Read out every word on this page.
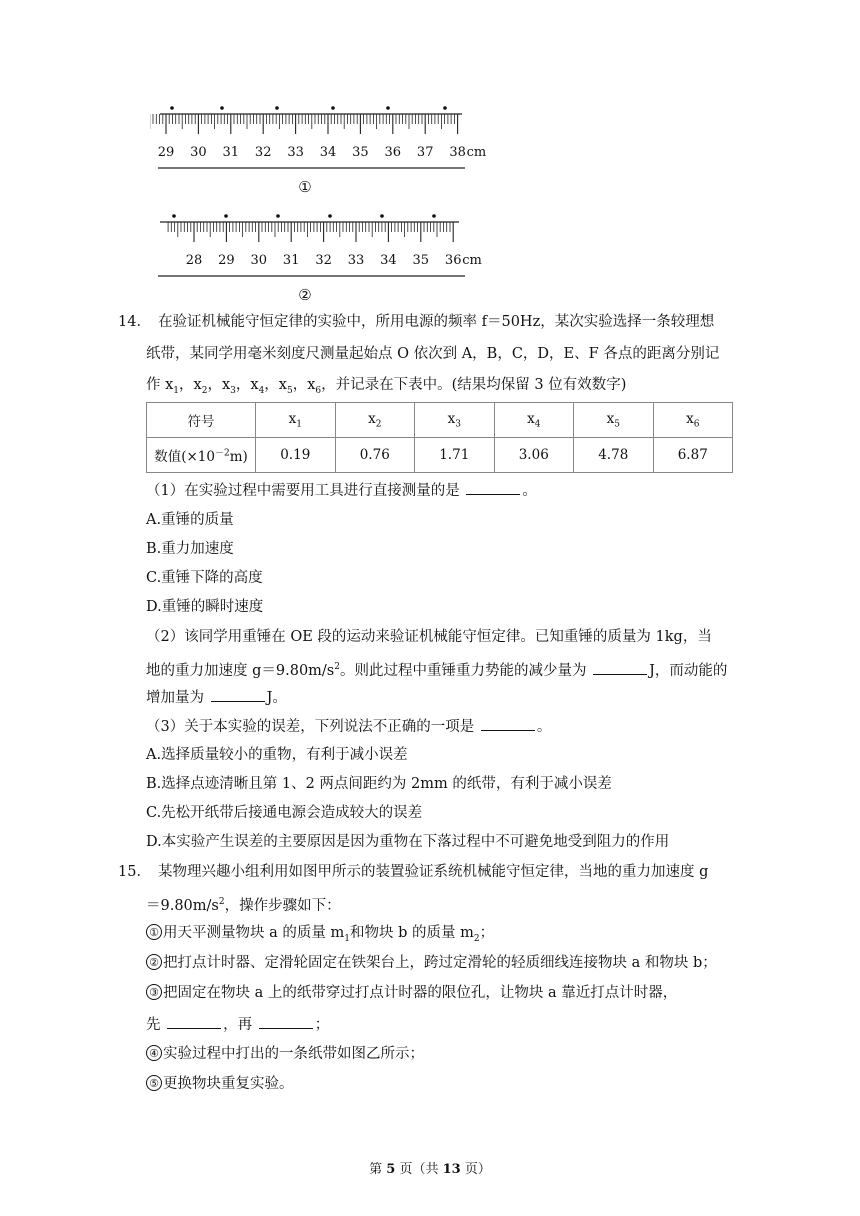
29 30 31 32 33 34 35 36 37 38 cm
①
28 29 30 31 32 33 34 35 36 cm
②
14． 在验证机械能守恒定律的实验中，所用电源的频率 f＝50Hz，某次实验选择一条较理想
纸带，某同学用毫米刻度尺测量起始点 O 依次到 A，B，C，D，E、F 各点的距离分别记
作 $x_1$，$x_2$，$x_3$，$x_4$，$x_5$，$x_6$，并记录在下表中。(结果均保留 3 位有效数字)
符号	$x_1$	$x_2$	$x_3$	$x_4$	$x_5$	$x_6$
数值$(\times 10^{-2}m)$	0.19	0.76	1.71	3.06	4.78	6.87
（1）在实验过程中需要用工具进行直接测量的是	。
A.重锤的质量
B.重力加速度
C.重锤下降的高度
D.重锤的瞬时速度
（2）该同学用重锤在 OE 段的运动来验证机械能守恒定律。已知重锤的质量为 1kg，当
地的重力加速度 $g=9.80m/s^2$。则此过程中重锤重力势能的减少量为	J，而动能的
增加量为	J。
（3）关于本实验的误差，下列说法不正确的一项是	。
A.选择质量较小的重物，有利于减小误差
B.选择点迹清晰且第 1、2 两点间距约为 2mm 的纸带，有利于减小误差
C.先松开纸带后接通电源会造成较大的误差
D.本实验产生误差的主要原因是因为重物在下落过程中不可避免地受到阻力的作用
15． 某物理兴趣小组利用如图甲所示的装置验证系统机械能守恒定律，当地的重力加速度 g
$=9.80m/s^2$，操作步骤如下：
① 用天平测量物块 a 的质量 $m_1$和物块 b 的质量 $m_2$；
② 把打点计时器、定滑轮固定在铁架台上，跨过定滑轮的轻质细线连接物块 a 和物块 b；
③ 把固定在物块 a 上的纸带穿过打点计时器的限位孔，让物块 a 靠近打点计时器，
先	，再	；
④ 实验过程中打出的一条纸带如图乙所示；
⑤ 更换物块重复实验。
第 5 页（共 13 页）
